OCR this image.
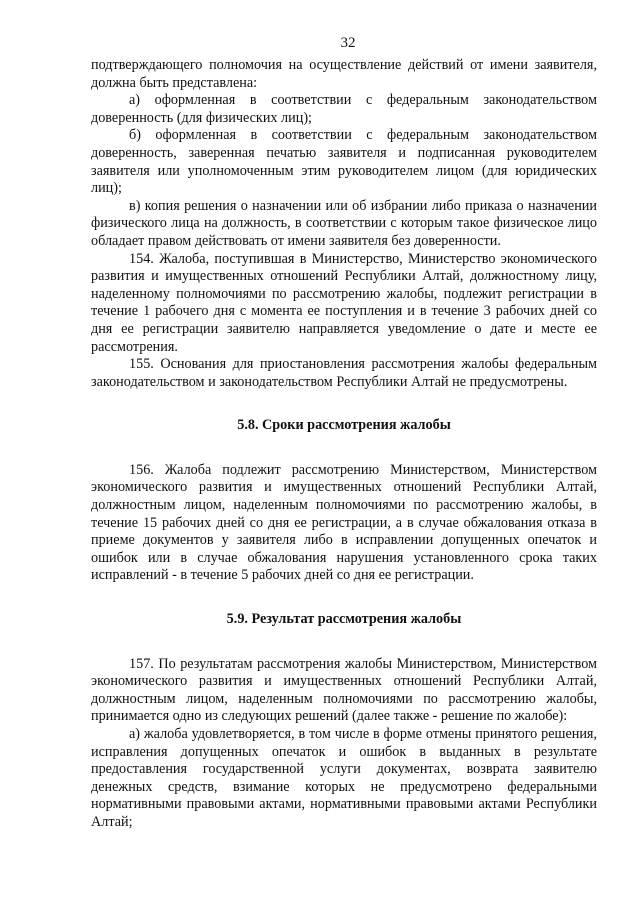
32

подтверждающего полномочия на осуществление действий от имени заявителя, должна быть представлена:

а) оформленная в соответствии с федеральным законодательством доверенность (для физических лиц);

б) оформленная в соответствии с федеральным законодательством доверенность, заверенная печатью заявителя и подписанная руководителем заявителя или уполномоченным этим руководителем лицом (для юридических лиц);

в) копия решения о назначении или об избрании либо приказа о назначении физического лица на должность, в соответствии с которым такое физическое лицо обладает правом действовать от имени заявителя без доверенности.

154. Жалоба, поступившая в Министерство, Министерство экономического развития и имущественных отношений Республики Алтай, должностному лицу, наделенному полномочиями по рассмотрению жалобы, подлежит регистрации в течение 1 рабочего дня с момента ее поступления и в течение 3 рабочих дней со дня ее регистрации заявителю направляется уведомление о дате и месте ее рассмотрения.

155. Основания для приостановления рассмотрения жалобы федеральным законодательством и законодательством Республики Алтай не предусмотрены.

5.8. Сроки рассмотрения жалобы

156. Жалоба подлежит рассмотрению Министерством, Министерством экономического развития и имущественных отношений Республики Алтай, должностным лицом, наделенным полномочиями по рассмотрению жалобы, в течение 15 рабочих дней со дня ее регистрации, а в случае обжалования отказа в приеме документов у заявителя либо в исправлении допущенных опечаток и ошибок или в случае обжалования нарушения установленного срока таких исправлений - в течение 5 рабочих дней со дня ее регистрации.

5.9. Результат рассмотрения жалобы

157. По результатам рассмотрения жалобы Министерством, Министерством экономического развития и имущественных отношений Республики Алтай, должностным лицом, наделенным полномочиями по рассмотрению жалобы, принимается одно из следующих решений (далее также - решение по жалобе):

а) жалоба удовлетворяется, в том числе в форме отмены принятого решения, исправления допущенных опечаток и ошибок в выданных в результате предоставления государственной услуги документах, возврата заявителю денежных средств, взимание которых не предусмотрено федеральными нормативными правовыми актами, нормативными правовыми актами Республики Алтай;
